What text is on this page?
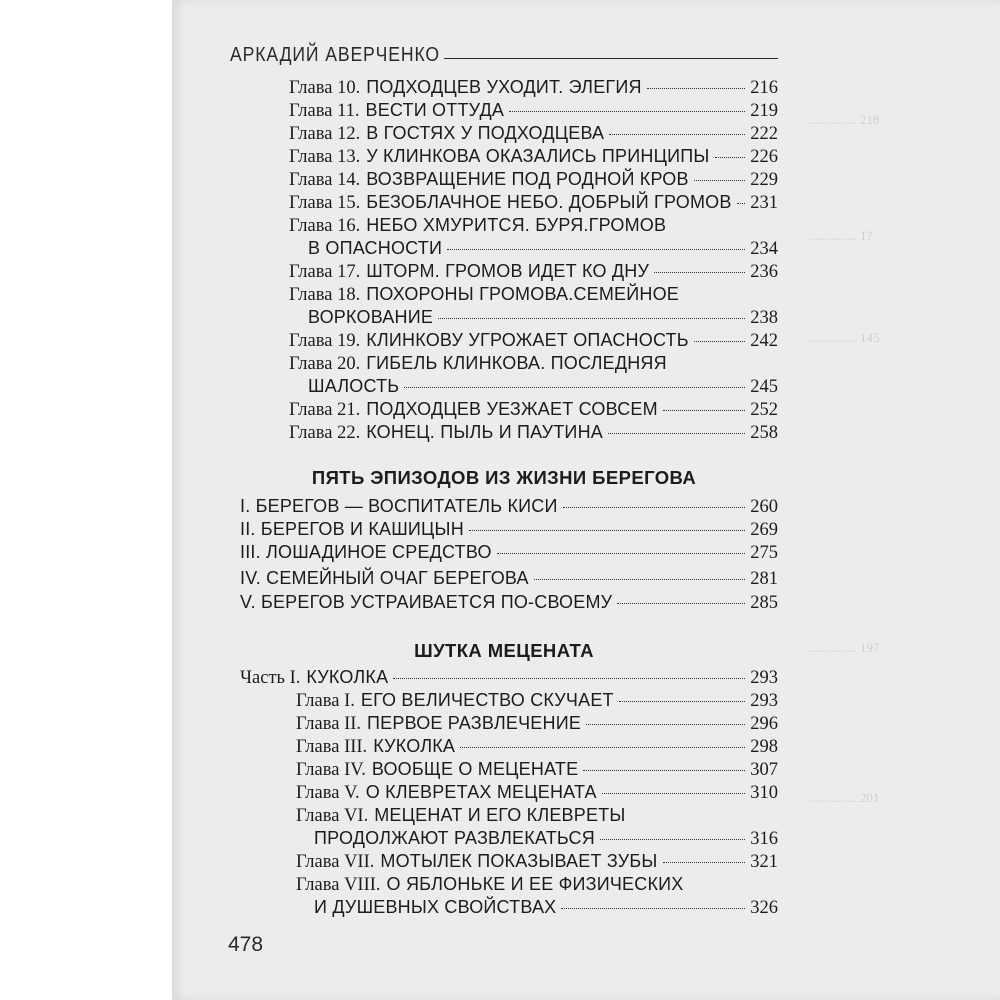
............... 218
............... 1?
............... 145
............... 197
............... 201
АРКАДИЙ АВЕРЧЕНКО
Глава 10. ПОДХОДЦЕВ УХОДИТ. ЭЛЕГИЯ	216
Глава 11. ВЕСТИ ОТТУДА	219
Глава 12. В ГОСТЯХ У ПОДХОДЦЕВА	222
Глава 13. У КЛИНКОВА ОКАЗАЛИСЬ ПРИНЦИПЫ 226
Глава 14. ВОЗВРАЩЕНИЕ ПОД РОДНОЙ КРОВ	229
Глава 15. БЕЗОБЛАЧНОЕ НЕБО. ДОБРЫЙ ГРОМОВ 231
Глава 16. НЕБО ХМУРИТСЯ. БУРЯ.ГРОМОВ
В ОПАСНОСТИ	234
Глава 17. ШТОРМ. ГРОМОВ ИДЕТ КО ДНУ	236
Глава 18. ПОХОРОНЫ ГРОМОВА.СЕМЕЙНОЕ
ВОРКОВАНИЕ	238
Глава 19. КЛИНКОВУ УГРОЖАЕТ ОПАСНОСТЬ	242
Глава 20. ГИБЕЛЬ КЛИНКОВА. ПОСЛЕДНЯЯ
ШАЛОСТЬ	245
Глава 21. ПОДХОДЦЕВ УЕЗЖАЕТ СОВСЕМ	252
Глава 22. КОНЕЦ. ПЫЛЬ И ПАУТИНА	258
ПЯТЬ ЭПИЗОДОВ ИЗ ЖИЗНИ БЕРЕГОВА
I. БЕРЕГОВ — ВОСПИТАТЕЛЬ КИСИ	260
II. БЕРЕГОВ И КАШИЦЫН	269
III. ЛОШАДИНОЕ СРЕДСТВО	275
IV. СЕМЕЙНЫЙ ОЧАГ БЕРЕГОВА	281
V. БЕРЕГОВ УСТРАИВАЕТСЯ ПО-СВОЕМУ	285
ШУТКА МЕЦЕНАТА
Часть I. КУКОЛКА	293
Глава I. ЕГО ВЕЛИЧЕСТВО СКУЧАЕТ	293
Глава II. ПЕРВОЕ РАЗВЛЕЧЕНИЕ	296
Глава III. КУКОЛКА	298
Глава IV. ВООБЩЕ О МЕЦЕНАТЕ	307
Глава V. О КЛЕВРЕТАХ МЕЦЕНАТА	310
Глава VI. МЕЦЕНАТ И ЕГО КЛЕВРЕТЫ
ПРОДОЛЖАЮТ РАЗВЛЕКАТЬСЯ	316
Глава VII. МОТЫЛЕК ПОКАЗЫВАЕТ ЗУБЫ	321
Глава VIII. О ЯБЛОНЬКЕ И ЕЕ ФИЗИЧЕСКИХ
И ДУШЕВНЫХ СВОЙСТВАХ	326
478
